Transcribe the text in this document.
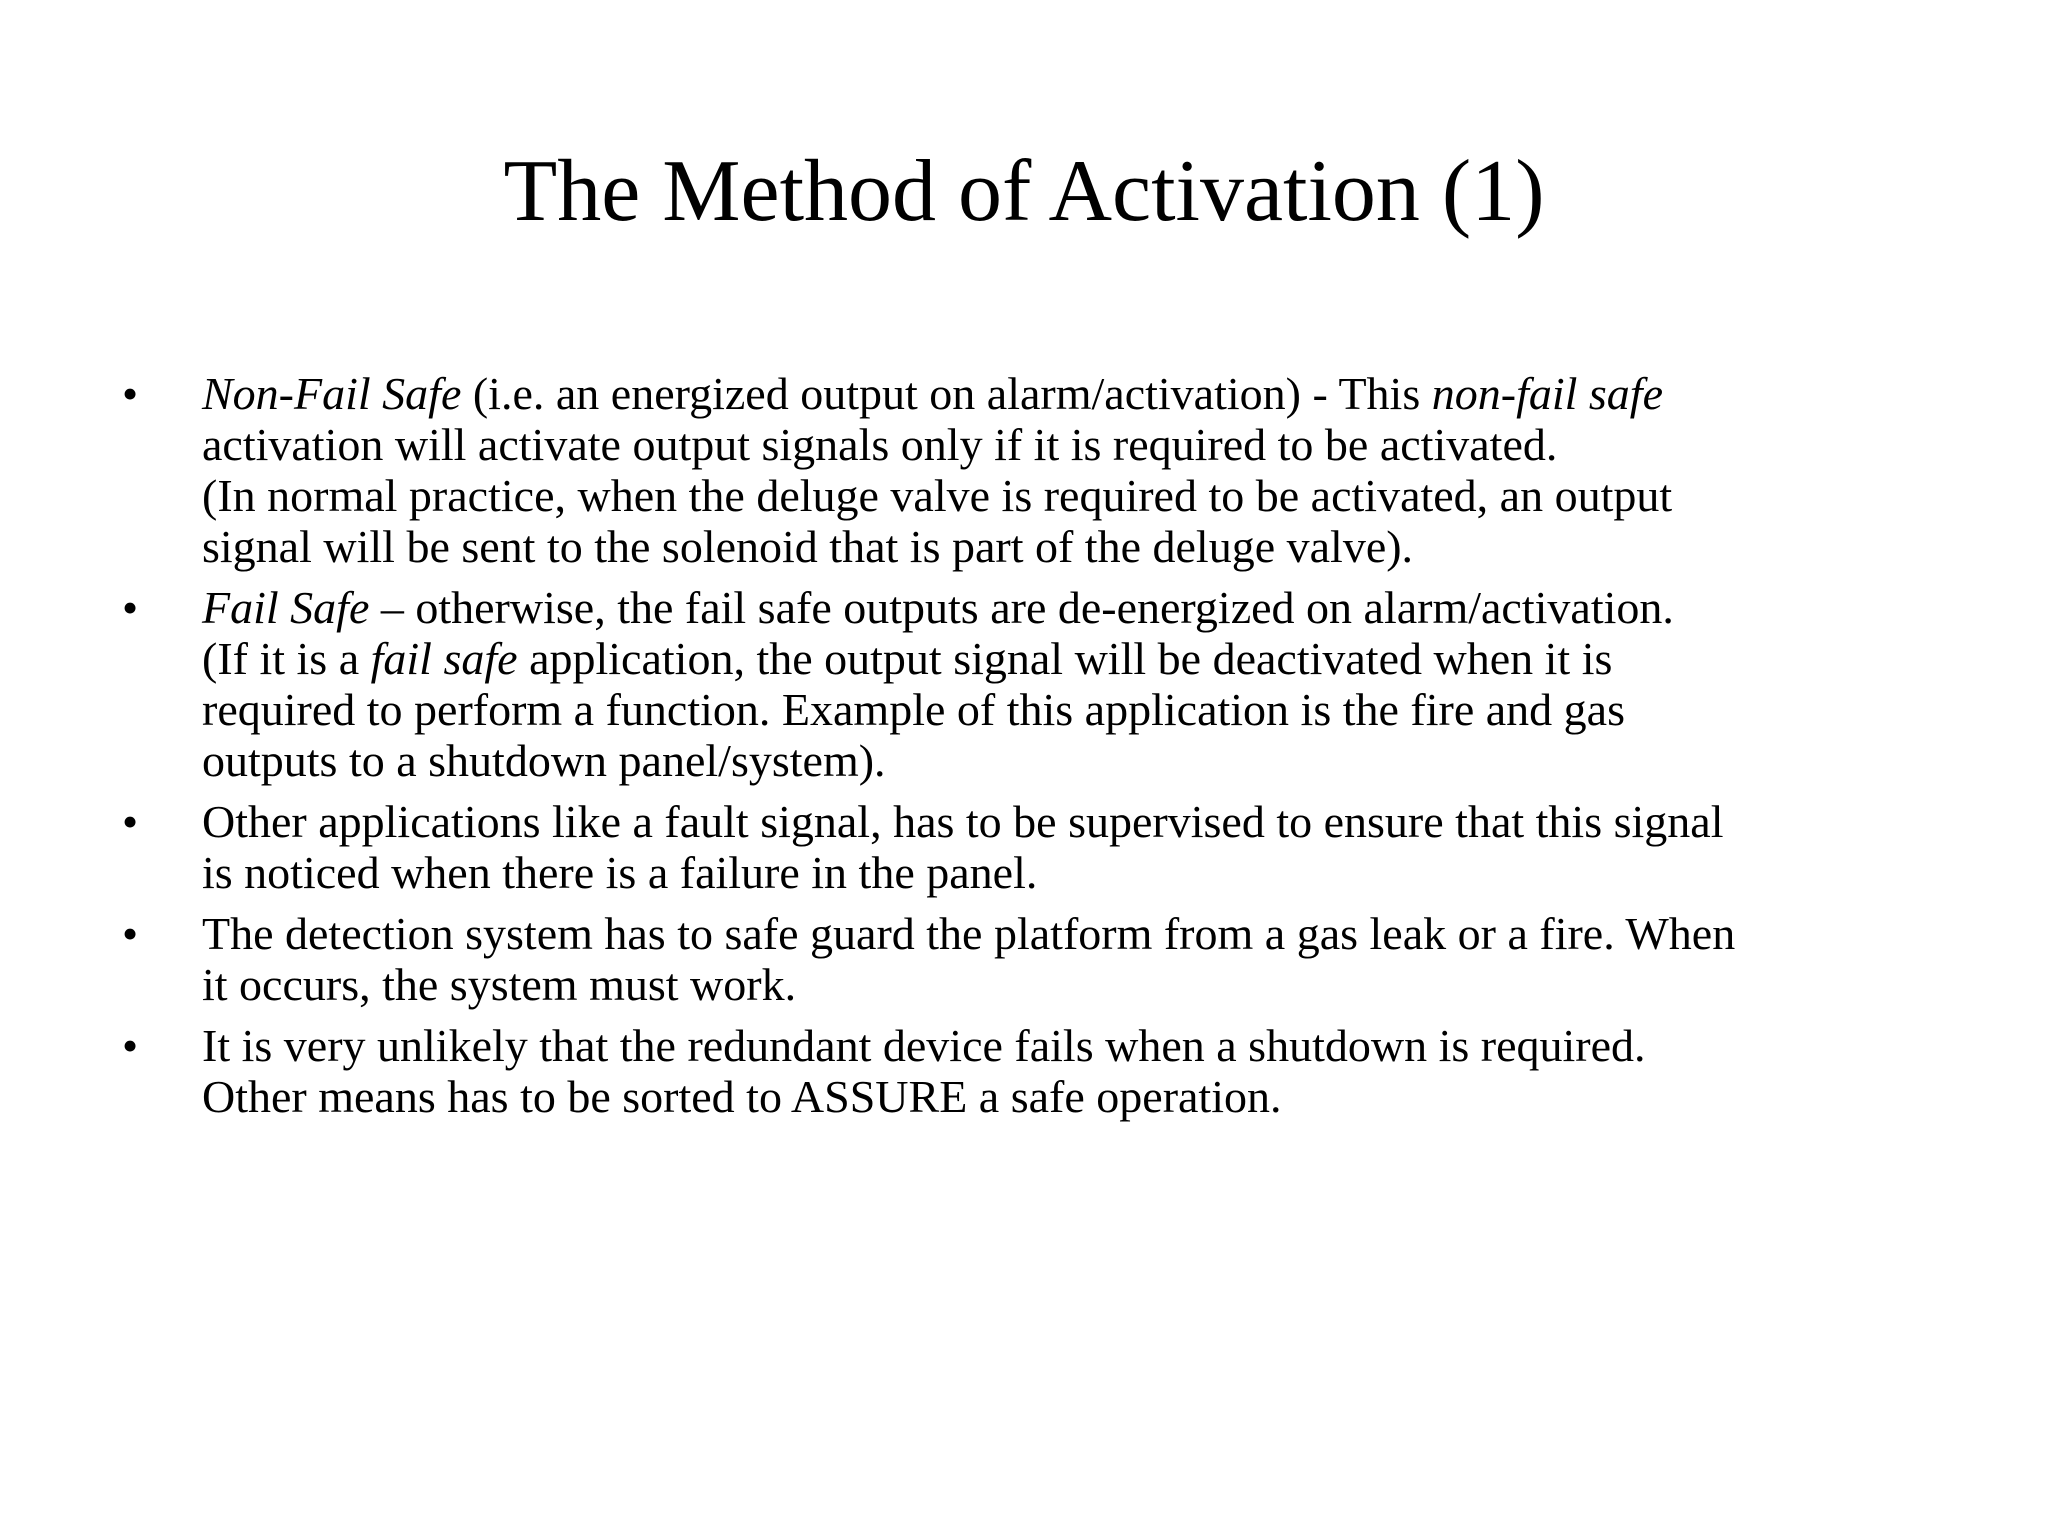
The Method of Activation (1)
• Non-Fail Safe (i.e. an energized output on alarm/activation) - This non-fail safe
activation will activate output signals only if it is required to be activated.
(In normal practice, when the deluge valve is required to be activated, an output
signal will be sent to the solenoid that is part of the deluge valve).
• Fail Safe – otherwise, the fail safe outputs are de-energized on alarm/activation.
(If it is a fail safe application, the output signal will be deactivated when it is
required to perform a function. Example of this application is the fire and gas
outputs to a shutdown panel/system).
• Other applications like a fault signal, has to be supervised to ensure that this signal
is noticed when there is a failure in the panel.
• The detection system has to safe guard the platform from a gas leak or a fire. When
it occurs, the system must work.
• It is very unlikely that the redundant device fails when a shutdown is required.
Other means has to be sorted to ASSURE a safe operation.
